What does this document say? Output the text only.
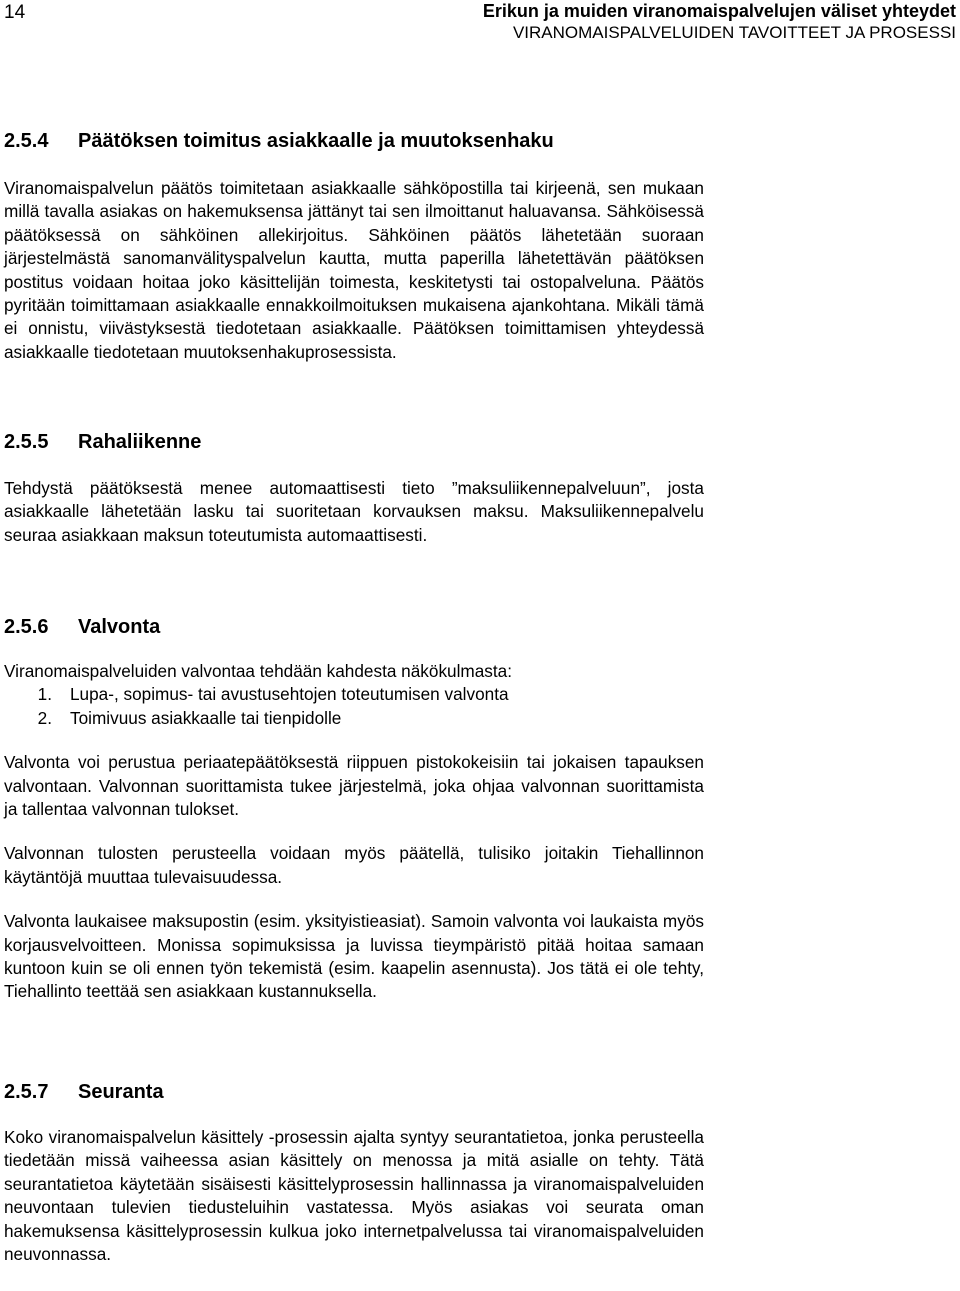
14	Erikun ja muiden viranomaispalvelujen väliset yhteydet
VIRANOMAISPALVELUIDEN TAVOITTEET JA PROSESSI
2.5.4	Päätöksen toimitus asiakkaalle ja muutoksenhaku

Viranomaispalvelun päätös toimitetaan asiakkaalle sähköpostilla tai kirjeenä, sen mukaan millä tavalla asiakas on hakemuksensa jättänyt tai sen ilmoittanut haluavansa. Sähköisessä päätöksessä on sähköinen allekirjoitus. Sähköinen päätös lähetetään suoraan järjestelmästä sanomanvälityspalvelun kautta, mutta paperilla lähetettävän päätöksen postitus voidaan hoitaa joko käsittelijän toimesta, keskitetysti tai ostopalveluna. Päätös pyritään toimittamaan asiakkaalle ennakkoilmoituksen mukaisena ajankohtana. Mikäli tämä ei onnistu, viivästyksestä tiedotetaan asiakkaalle. Päätöksen toimittamisen yhteydessä asiakkaalle tiedotetaan muutoksenhakuprosessista.

2.5.5	Rahaliikenne

Tehdystä päätöksestä menee automaattisesti tieto ”maksuliikennepalveluun”, josta asiakkaalle lähetetään lasku tai suoritetaan korvauksen maksu. Maksuliikennepalvelu seuraa asiakkaan maksun toteutumista automaattisesti.

2.5.6	Valvonta

Viranomaispalveluiden valvontaa tehdään kahdesta näkökulmasta:

1.	Lupa-, sopimus- tai avustusehtojen toteutumisen valvonta
2.	Toimivuus asiakkaalle tai tienpidolle

Valvonta voi perustua periaatepäätöksestä riippuen pistokokeisiin tai jokaisen tapauksen valvontaan. Valvonnan suorittamista tukee järjestelmä, joka ohjaa valvonnan suorittamista ja tallentaa valvonnan tulokset.

Valvonnan tulosten perusteella voidaan myös päätellä, tulisiko joitakin Tiehallinnon käytäntöjä muuttaa tulevaisuudessa.

Valvonta laukaisee maksupostin (esim. yksityistieasiat). Samoin valvonta voi laukaista myös korjausvelvoitteen. Monissa sopimuksissa ja luvissa tieympäristö pitää hoitaa samaan kuntoon kuin se oli ennen työn tekemistä (esim. kaapelin asennusta). Jos tätä ei ole tehty, Tiehallinto teettää sen asiakkaan kustannuksella.

2.5.7	Seuranta

Koko viranomaispalvelun käsittely -prosessin ajalta syntyy seurantatietoa, jonka perusteella tiedetään missä vaiheessa asian käsittely on menossa ja mitä asialle on tehty. Tätä seurantatietoa käytetään sisäisesti käsittelyprosessin hallinnassa ja viranomaispalveluiden neuvontaan tulevien tiedusteluihin vastatessa. Myös asiakas voi seurata oman hakemuksensa käsittelyprosessin kulkua joko internetpalvelussa tai viranomaispalveluiden neuvonnassa.
